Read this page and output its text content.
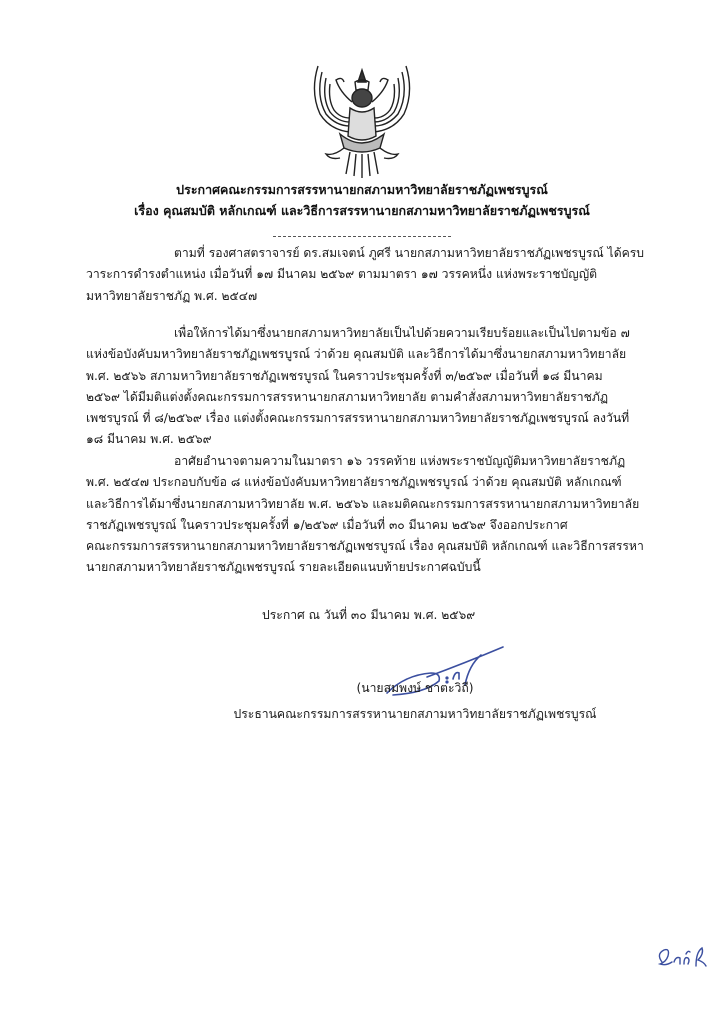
ประกาศคณะกรรมการสรรหานายกสภามหาวิทยาลัยราชภัฏเพชรบูรณ์
เรื่อง คุณสมบัติ หลักเกณฑ์ และวิธีการสรรหานายกสภามหาวิทยาลัยราชภัฏเพชรบูรณ์

ตามที่ รองศาสตราจารย์ ดร.สมเจตน์ ภูศรี นายกสภามหาวิทยาลัยราชภัฏเพชรบูรณ์ ได้ครบ
วาระการดำรงตำแหน่ง เมื่อวันที่ ๑๗ มีนาคม ๒๕๖๙ ตามมาตรา ๑๗ วรรคหนึ่ง แห่งพระราชบัญญัติ
มหาวิทยาลัยราชภัฏ พ.ศ. ๒๕๔๗

เพื่อให้การได้มาซึ่งนายกสภามหาวิทยาลัยเป็นไปด้วยความเรียบร้อยและเป็นไปตามข้อ ๗
แห่งข้อบังคับมหาวิทยาลัยราชภัฏเพชรบูรณ์ ว่าด้วย คุณสมบัติ และวิธีการได้มาซึ่งนายกสภามหาวิทยาลัย
พ.ศ. ๒๕๖๖ สภามหาวิทยาลัยราชภัฏเพชรบูรณ์ ในคราวประชุมครั้งที่ ๓/๒๕๖๙ เมื่อวันที่ ๑๘ มีนาคม
๒๕๖๙ ได้มีมติแต่งตั้งคณะกรรมการสรรหานายกสภามหาวิทยาลัย ตามคำสั่งสภามหาวิทยาลัยราชภัฏ
เพชรบูรณ์ ที่ ๘/๒๕๖๙ เรื่อง แต่งตั้งคณะกรรมการสรรหานายกสภามหาวิทยาลัยราชภัฏเพชรบูรณ์ ลงวันที่
๑๘ มีนาคม พ.ศ. ๒๕๖๙

อาศัยอำนาจตามความในมาตรา ๑๖ วรรคท้าย แห่งพระราชบัญญัติมหาวิทยาลัยราชภัฏ
พ.ศ. ๒๕๔๗ ประกอบกับข้อ ๘ แห่งข้อบังคับมหาวิทยาลัยราชภัฏเพชรบูรณ์ ว่าด้วย คุณสมบัติ หลักเกณฑ์
และวิธีการได้มาซึ่งนายกสภามหาวิทยาลัย พ.ศ. ๒๕๖๖ และมติคณะกรรมการสรรหานายกสภามหาวิทยาลัย
ราชภัฏเพชรบูรณ์ ในคราวประชุมครั้งที่ ๑/๒๕๖๙ เมื่อวันที่ ๓๐ มีนาคม ๒๕๖๙ จึงออกประกาศ
คณะกรรมการสรรหานายกสภามหาวิทยาลัยราชภัฏเพชรบูรณ์ เรื่อง คุณสมบัติ หลักเกณฑ์ และวิธีการสรรหา
นายกสภามหาวิทยาลัยราชภัฏเพชรบูรณ์ รายละเอียดแนบท้ายประกาศฉบับนี้

ประกาศ ณ วันที่ ๓๐ มีนาคม พ.ศ. ๒๕๖๙
(นายสมพงษ์ ชาตะวิถี)
ประธานคณะกรรมการสรรหานายกสภามหาวิทยาลัยราชภัฏเพชรบูรณ์
